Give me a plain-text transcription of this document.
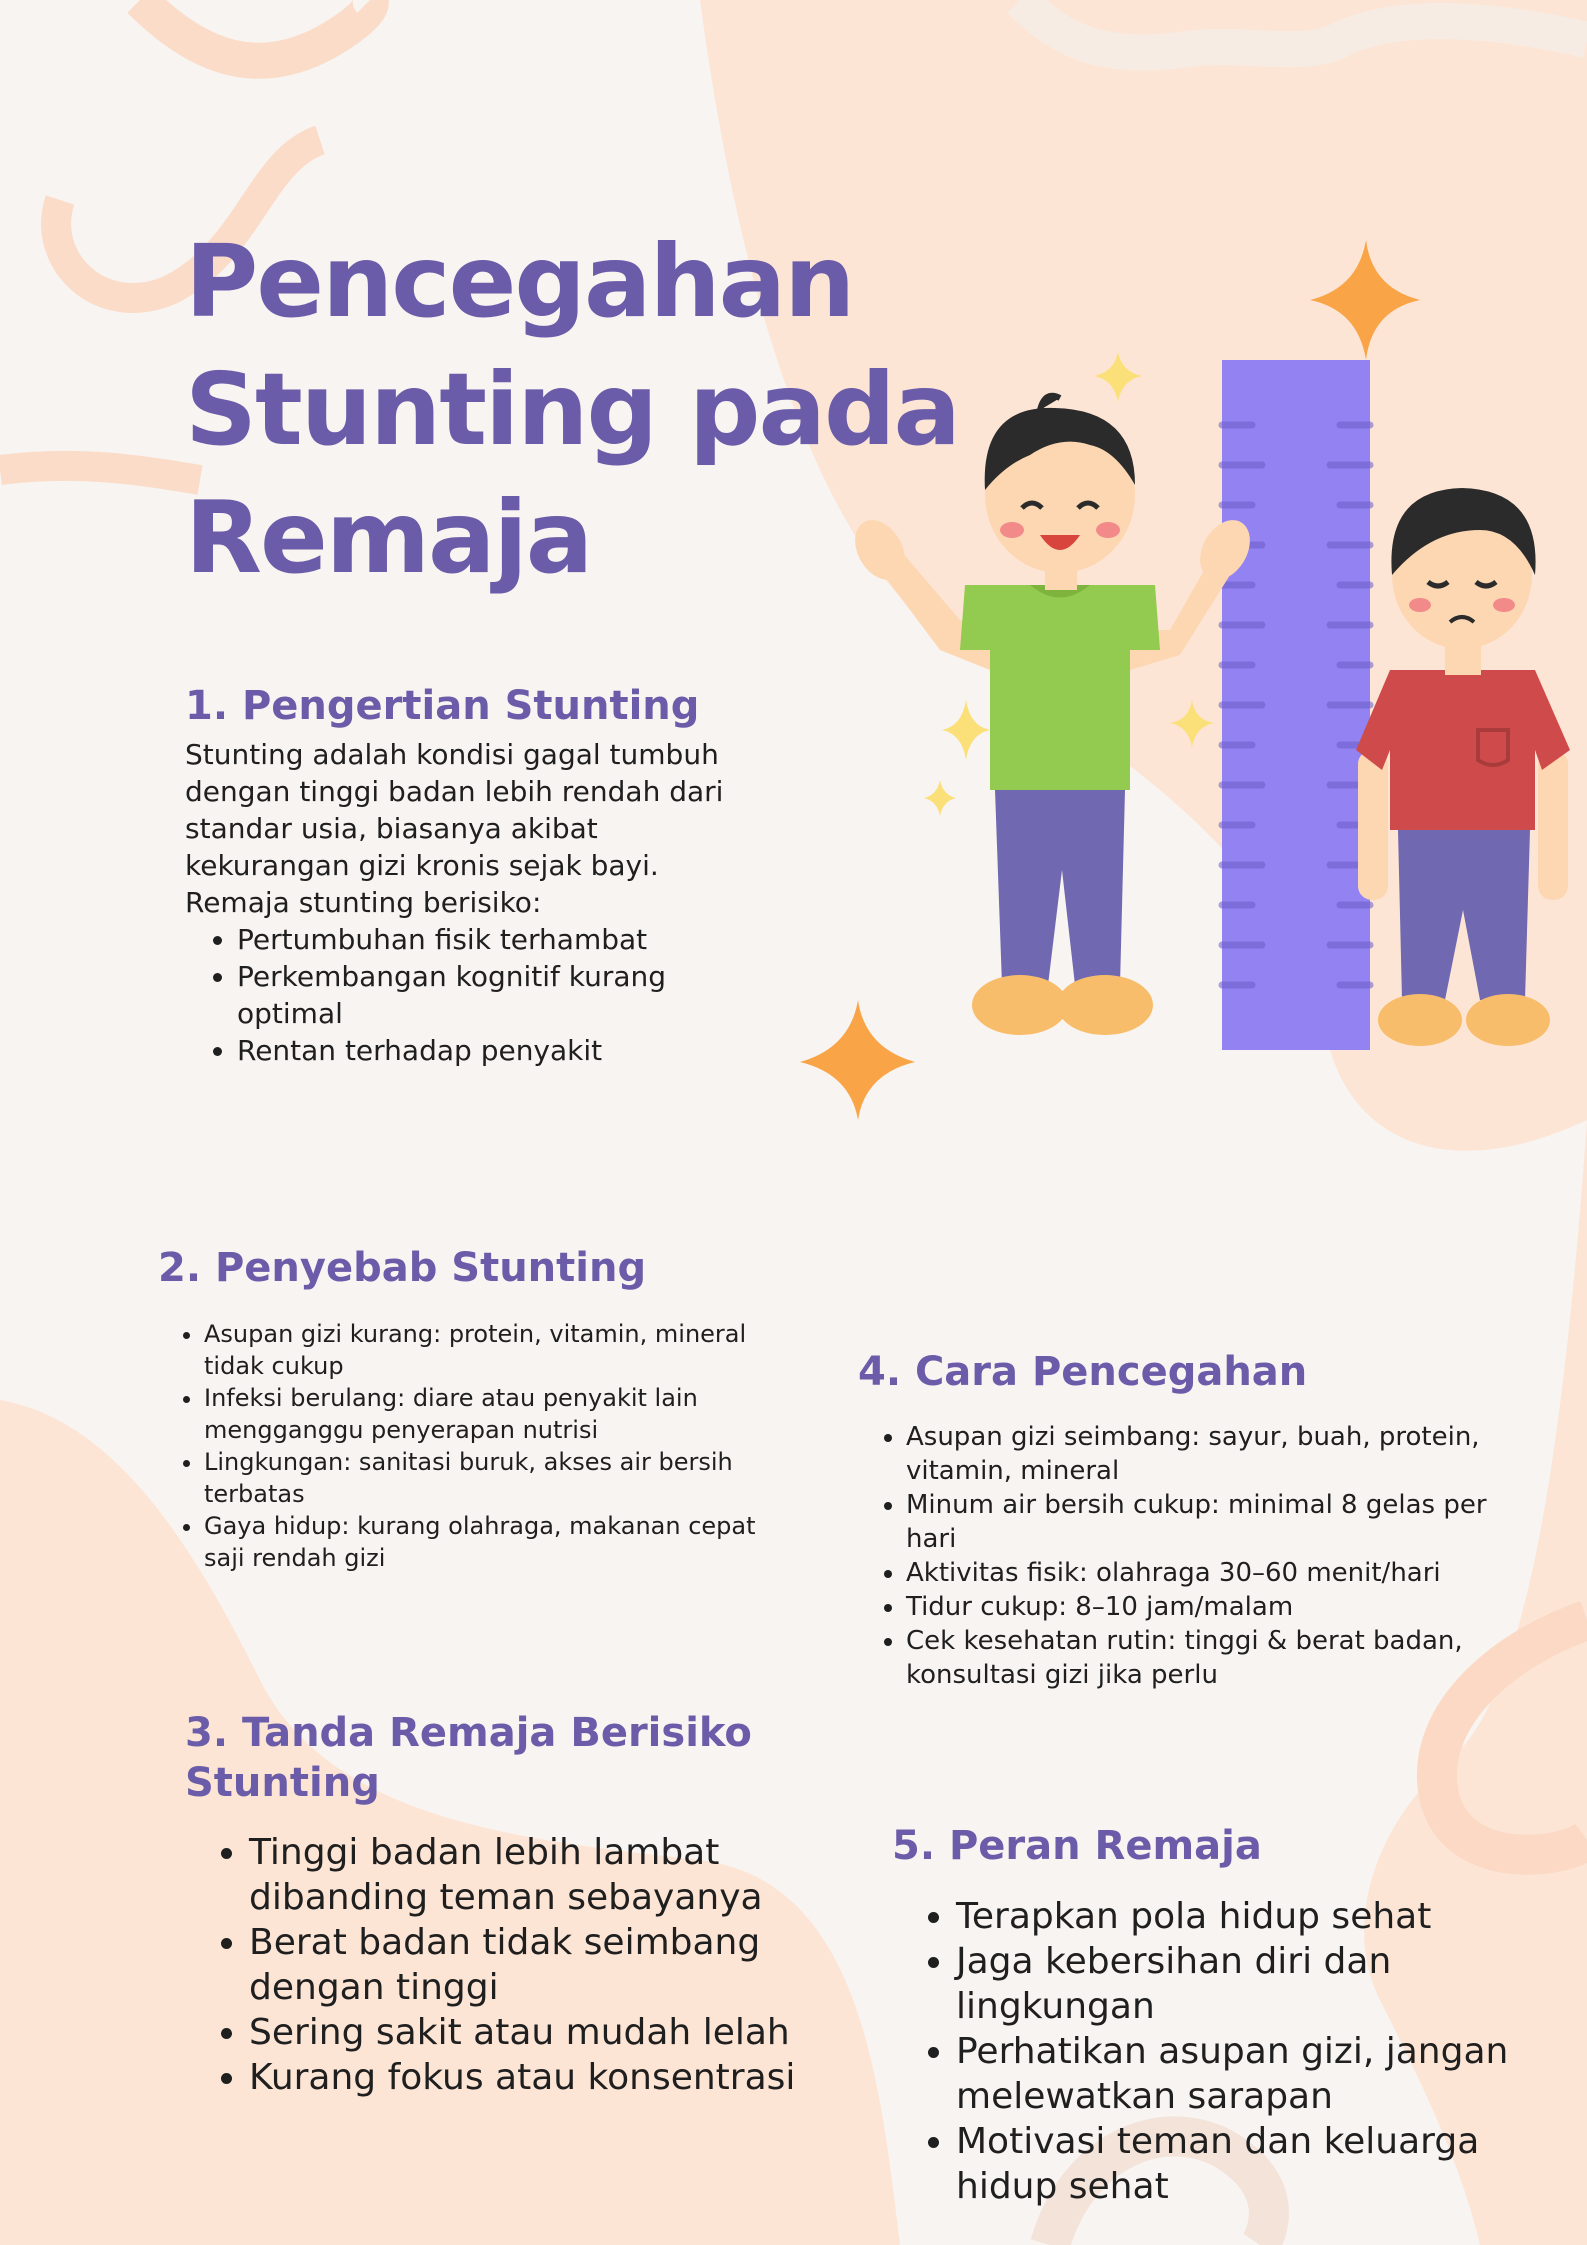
Pencegahan
Stunting pada
Remaja
1. Pengertian Stunting

Stunting adalah kondisi gagal tumbuh dengan tinggi badan lebih rendah dari standar usia, biasanya akibat kekurangan gizi kronis sejak bayi.

Remaja stunting berisiko:

• Pertumbuhan fisik terhambat
• Perkembangan kognitif kurang optimal
• Rentan terhadap penyakit
2. Penyebab Stunting
• Asupan gizi kurang: protein, vitamin, mineral tidak cukup
• Infeksi berulang: diare atau penyakit lain mengganggu penyerapan nutrisi
• Lingkungan: sanitasi buruk, akses air bersih terbatas
• Gaya hidup: kurang olahraga, makanan cepat saji rendah gizi
3. Tanda Remaja Berisiko Stunting
• Tinggi badan lebih lambat dibanding teman sebayanya
• Berat badan tidak seimbang dengan tinggi
• Sering sakit atau mudah lelah
• Kurang fokus atau konsentrasi
4. Cara Pencegahan
• Asupan gizi seimbang: sayur, buah, protein, vitamin, mineral
• Minum air bersih cukup: minimal 8 gelas per hari
• Aktivitas fisik: olahraga 30–60 menit/hari
• Tidur cukup: 8–10 jam/malam
• Cek kesehatan rutin: tinggi & berat badan, konsultasi gizi jika perlu
5. Peran Remaja
• Terapkan pola hidup sehat
• Jaga kebersihan diri dan lingkungan
• Perhatikan asupan gizi, jangan melewatkan sarapan
• Motivasi teman dan keluarga hidup sehat
